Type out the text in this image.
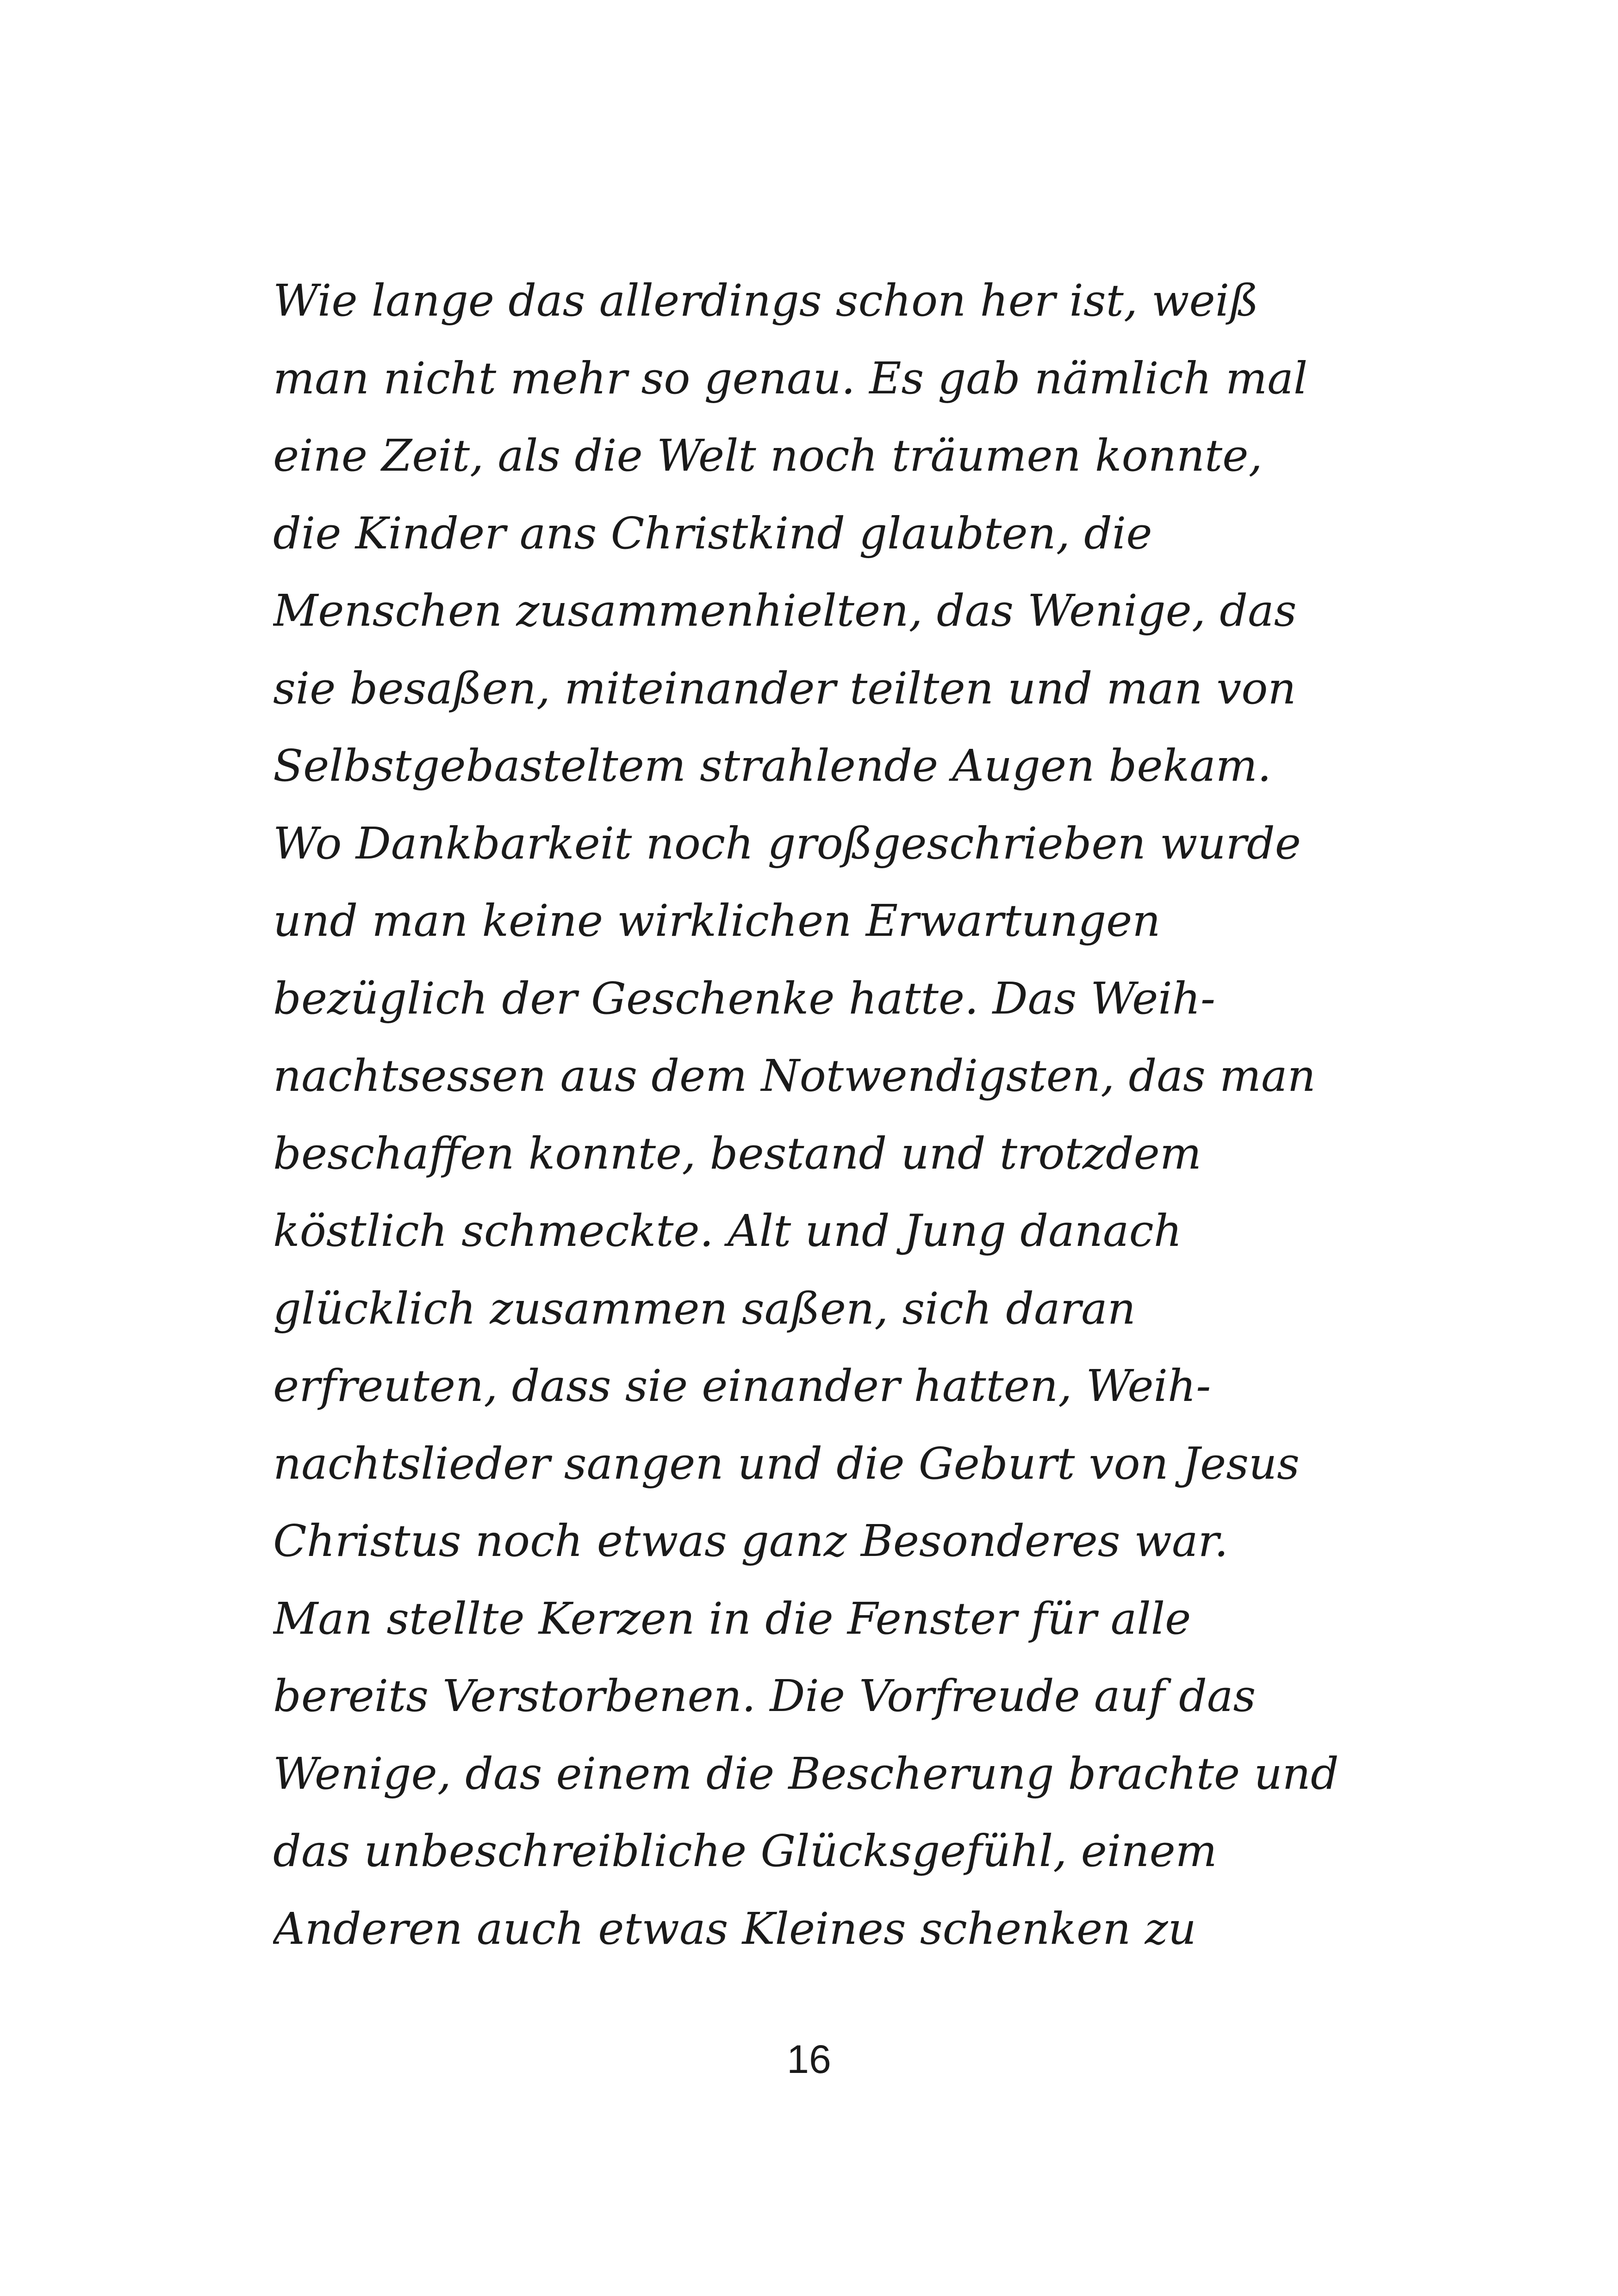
Wie lange das allerdings schon her ist, weiß
man nicht mehr so genau. Es gab nämlich mal
eine Zeit, als die Welt noch träumen konnte,
die Kinder ans Christkind glaubten, die
Menschen zusammenhielten, das Wenige, das
sie besaßen, miteinander teilten und man von
Selbstgebasteltem strahlende Augen bekam.
Wo Dankbarkeit noch großgeschrieben wurde
und man keine wirklichen Erwartungen
bezüglich der Geschenke hatte. Das Weih-
nachtsessen aus dem Notwendigsten, das man
beschaffen konnte, bestand und trotzdem
köstlich schmeckte. Alt und Jung danach
glücklich zusammen saßen, sich daran
erfreuten, dass sie einander hatten, Weih-
nachtslieder sangen und die Geburt von Jesus
Christus noch etwas ganz Besonderes war.
Man stellte Kerzen in die Fenster für alle
bereits Verstorbenen. Die Vorfreude auf das
Wenige, das einem die Bescherung brachte und
das unbeschreibliche Glücksgefühl, einem
Anderen auch etwas Kleines schenken zu
16
